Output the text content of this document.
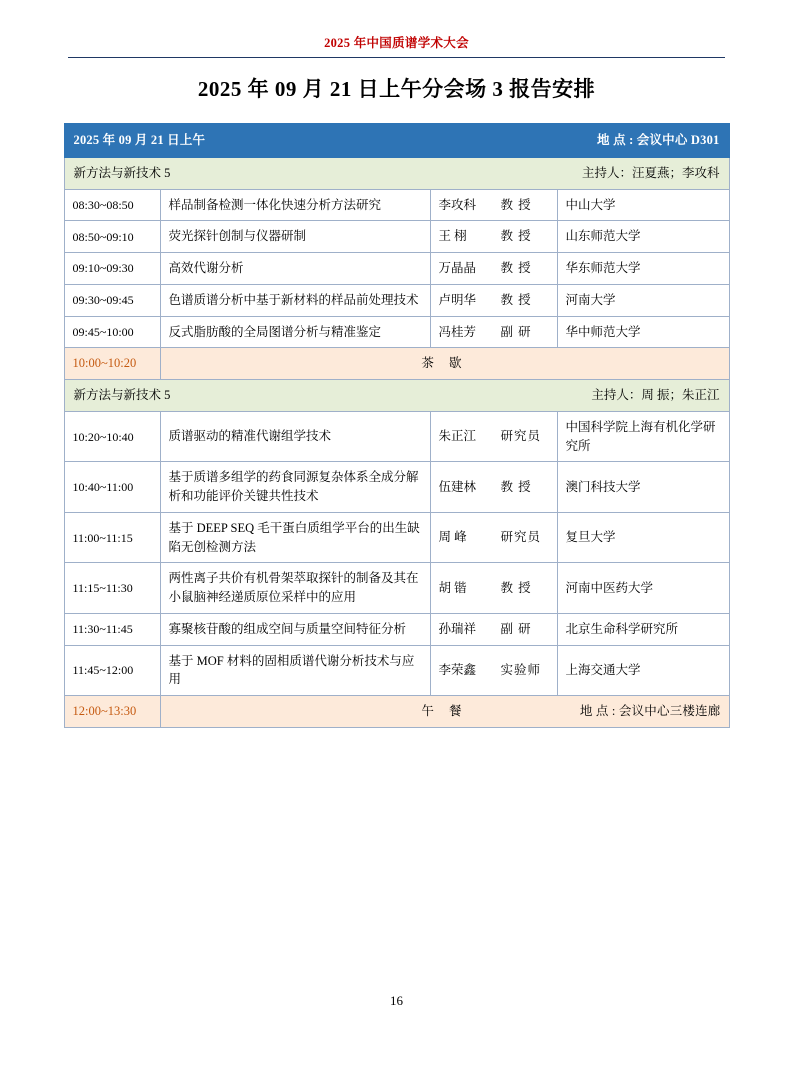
2025 年中国质谱学术大会
2025 年 09 月 21 日上午分会场 3 报告安排
2025 年 09 月 21 日上午 地 点 : 会议中心 D301			

新方法与新技术 5 主持人：汪夏燕；李攻科			

08:30~08:50	样品制备检测一体化快速分析方法研究	李攻科 教 授	中山大学
08:50~09:10	荧光探针创制与仪器研制	王 栩 教 授	山东师范大学
09:10~09:30	高效代谢分析	万晶晶 教 授	华东师范大学
09:30~09:45	色谱质谱分析中基于新材料的样品前处理技术	卢明华 教 授	河南大学
09:45~10:00	反式脂肪酸的全局图谱分析与精准鉴定	冯桂芳 副 研	华中师范大学
10:00~10:20	茶 歇		

新方法与新技术 5 主持人：周 振；朱正江			

10:20~10:40	质谱驱动的精准代谢组学技术	朱正江 研究员	中国科学院上海有机化学研究所
10:40~11:00	基于质谱多组学的药食同源复杂体系全成分解析和功能评价关键共性技术	伍建林 教 授	澳门科技大学
11:00~11:15	基于 DEEP SEQ 毛干蛋白质组学平台的出生缺陷无创检测方法	周 峰 研究员	复旦大学
11:15~11:30	两性离子共价有机骨架萃取探针的制备及其在小鼠脑神经递质原位采样中的应用	胡 锴 教 授	河南中医药大学
11:30~11:45	寡聚核苷酸的组成空间与质量空间特征分析	孙瑞祥 副 研	北京生命科学研究所
11:45~12:00	基于 MOF 材料的固相质谱代谢分析技术与应用	李荣鑫 实验师	上海交通大学
12:00~13:30	午 餐 地 点 : 会议中心三楼连廊		
16
